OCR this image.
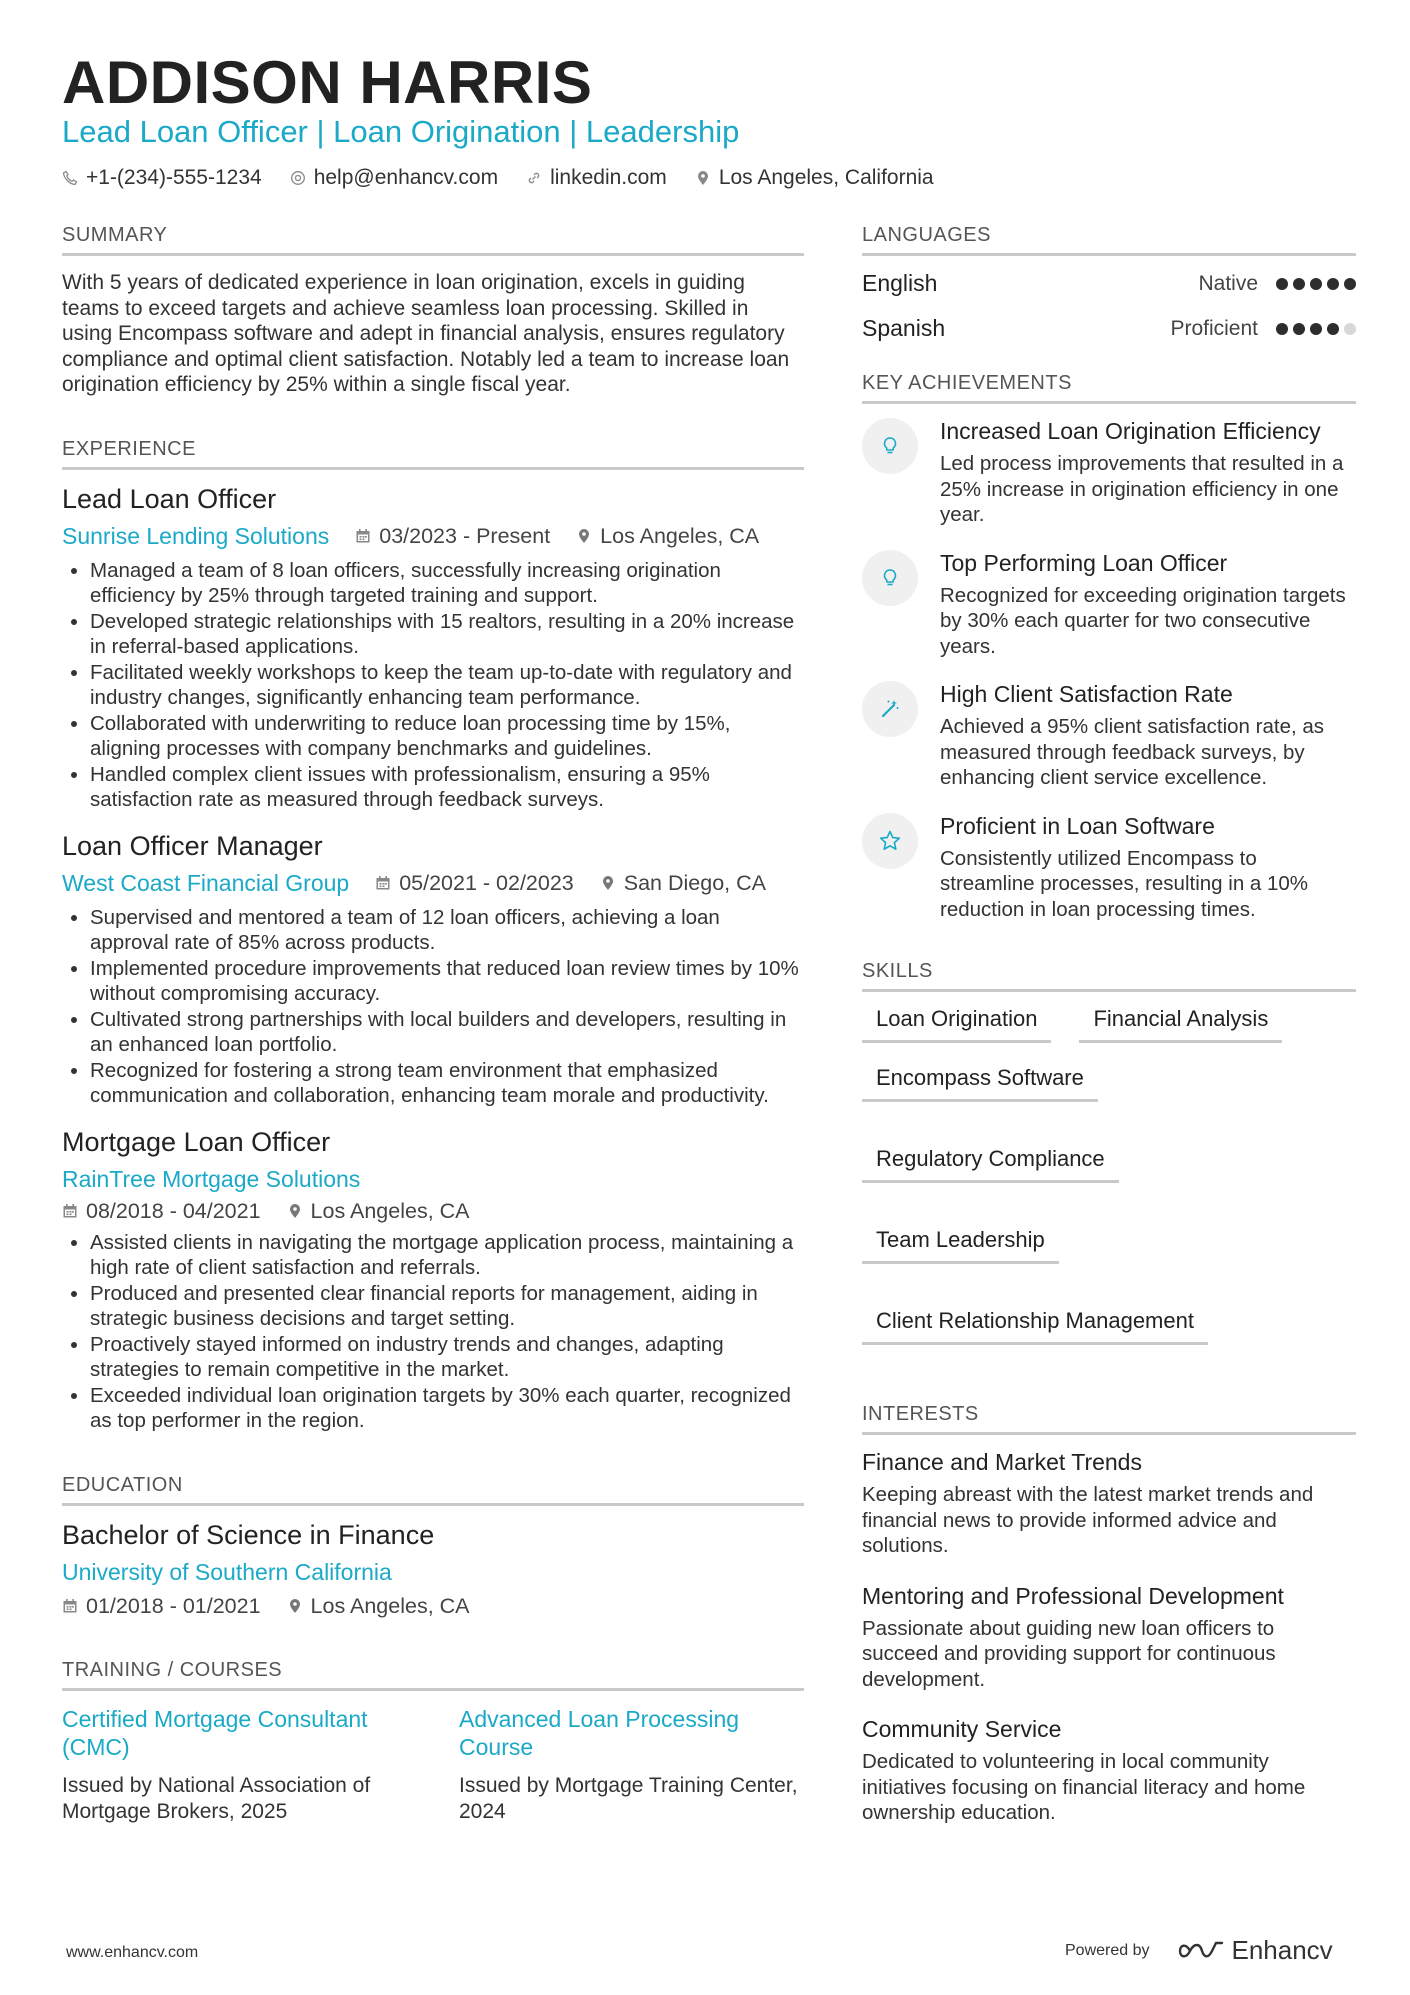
ADDISON HARRIS
Lead Loan Officer | Loan Origination | Leadership
+1-(234)-555-1234 help@enhancv.com linkedin.com Los Angeles, California
SUMMARY

With 5 years of dedicated experience in loan origination, excels in guiding teams to exceed targets and achieve seamless loan processing. Skilled in using Encompass software and adept in financial analysis, ensures regulatory compliance and optimal client satisfaction. Notably led a team to increase loan origination efficiency by 25% within a single fiscal year.

EXPERIENCE
Lead Loan Officer
Sunrise Lending Solutions 03/2023 - Present Los Angeles, CA
• Managed a team of 8 loan officers, successfully increasing origination efficiency by 25% through targeted training and support.
• Developed strategic relationships with 15 realtors, resulting in a 20% increase in referral-based applications.
• Facilitated weekly workshops to keep the team up-to-date with regulatory and industry changes, significantly enhancing team performance.
• Collaborated with underwriting to reduce loan processing time by 15%, aligning processes with company benchmarks and guidelines.
• Handled complex client issues with professionalism, ensuring a 95% satisfaction rate as measured through feedback surveys.
Loan Officer Manager
West Coast Financial Group 05/2021 - 02/2023 San Diego, CA
• Supervised and mentored a team of 12 loan officers, achieving a loan approval rate of 85% across products.
• Implemented procedure improvements that reduced loan review times by 10% without compromising accuracy.
• Cultivated strong partnerships with local builders and developers, resulting in an enhanced loan portfolio.
• Recognized for fostering a strong team environment that emphasized communication and collaboration, enhancing team morale and productivity.
Mortgage Loan Officer
RainTree Mortgage Solutions
08/2018 - 04/2021 Los Angeles, CA
• Assisted clients in navigating the mortgage application process, maintaining a high rate of client satisfaction and referrals.
• Produced and presented clear financial reports for management, aiding in strategic business decisions and target setting.
• Proactively stayed informed on industry trends and changes, adapting strategies to remain competitive in the market.
• Exceeded individual loan origination targets by 30% each quarter, recognized as top performer in the region.
EDUCATION
Bachelor of Science in Finance
University of Southern California
01/2018 - 01/2021 Los Angeles, CA
TRAINING / COURSES
Certified Mortgage Consultant (CMC)
Issued by National Association of Mortgage Brokers, 2025
Advanced Loan Processing Course
Issued by Mortgage Training Center, 2024
LANGUAGES
English	Native
Spanish	Proficient
KEY ACHIEVEMENTS
Increased Loan Origination Efficiency
Led process improvements that resulted in a 25% increase in origination efficiency in one year.
Top Performing Loan Officer
Recognized for exceeding origination targets by 30% each quarter for two consecutive years.
High Client Satisfaction Rate
Achieved a 95% client satisfaction rate, as measured through feedback surveys, by enhancing client service excellence.
Proficient in Loan Software
Consistently utilized Encompass to streamline processes, resulting in a 10% reduction in loan processing times.
SKILLS
Loan Origination	Financial Analysis
Encompass Software
Regulatory Compliance
Team Leadership
Client Relationship Management
INTERESTS
Finance and Market Trends
Keeping abreast with the latest market trends and financial news to provide informed advice and solutions.
Mentoring and Professional Development
Passionate about guiding new loan officers to succeed and providing support for continuous development.
Community Service
Dedicated to volunteering in local community initiatives focusing on financial literacy and home ownership education.
www.enhancv.com	Powered by	Enhancv
